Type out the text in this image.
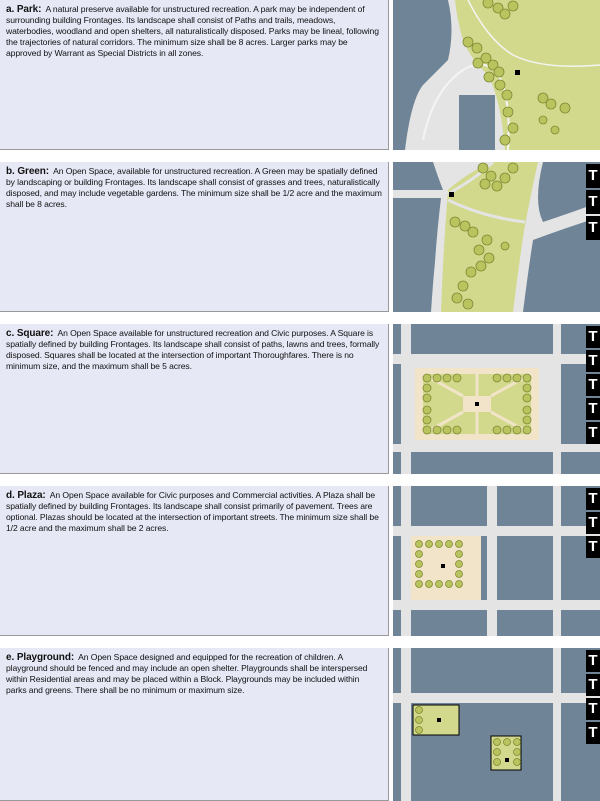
a. Park: A natural preserve available for unstructured recreation. A park may be independent of surrounding building Frontages. Its landscape shall consist of Paths and trails, meadows, waterbodies, woodland and open shelters, all naturalistically disposed. Parks may be lineal, following the trajectories of natural corridors. The minimum size shall be 8 acres. Larger parks may be approved by Warrant as Special Districts in all zones.

b. Green: An Open Space, available for unstructured recreation. A Green may be spatially defined by landscaping or building Frontages. Its landscape shall consist of grasses and trees, naturalistically disposed, and may include vegetable gardens. The minimum size shall be 1/2 acre and the maximum shall be 8 acres.

T
T
T

c. Square: An Open Space available for unstructured recreation and Civic purposes. A Square is spatially defined by building Frontages. Its landscape shall consist of paths, lawns and trees, formally disposed. Squares shall be located at the intersection of important Thoroughfares. There is no minimum size, and the maximum shall be 5 acres.

T
T
T
T
T

d. Plaza: An Open Space available for Civic purposes and Commercial activities. A Plaza shall be spatially defined by building Frontages. Its landscape shall consist primarily of pavement. Trees are optional. Plazas should be located at the intersection of important streets. The minimum size shall be 1/2 acre and the maximum shall be 2 acres.

T
T
T

e. Playground: An Open Space designed and equipped for the recreation of children. A playground should be fenced and may include an open shelter. Playgrounds shall be interspersed within Residential areas and may be placed within a Block. Playgrounds may be included within parks and greens. There shall be no minimum or maximum size.

T
T
T
T
